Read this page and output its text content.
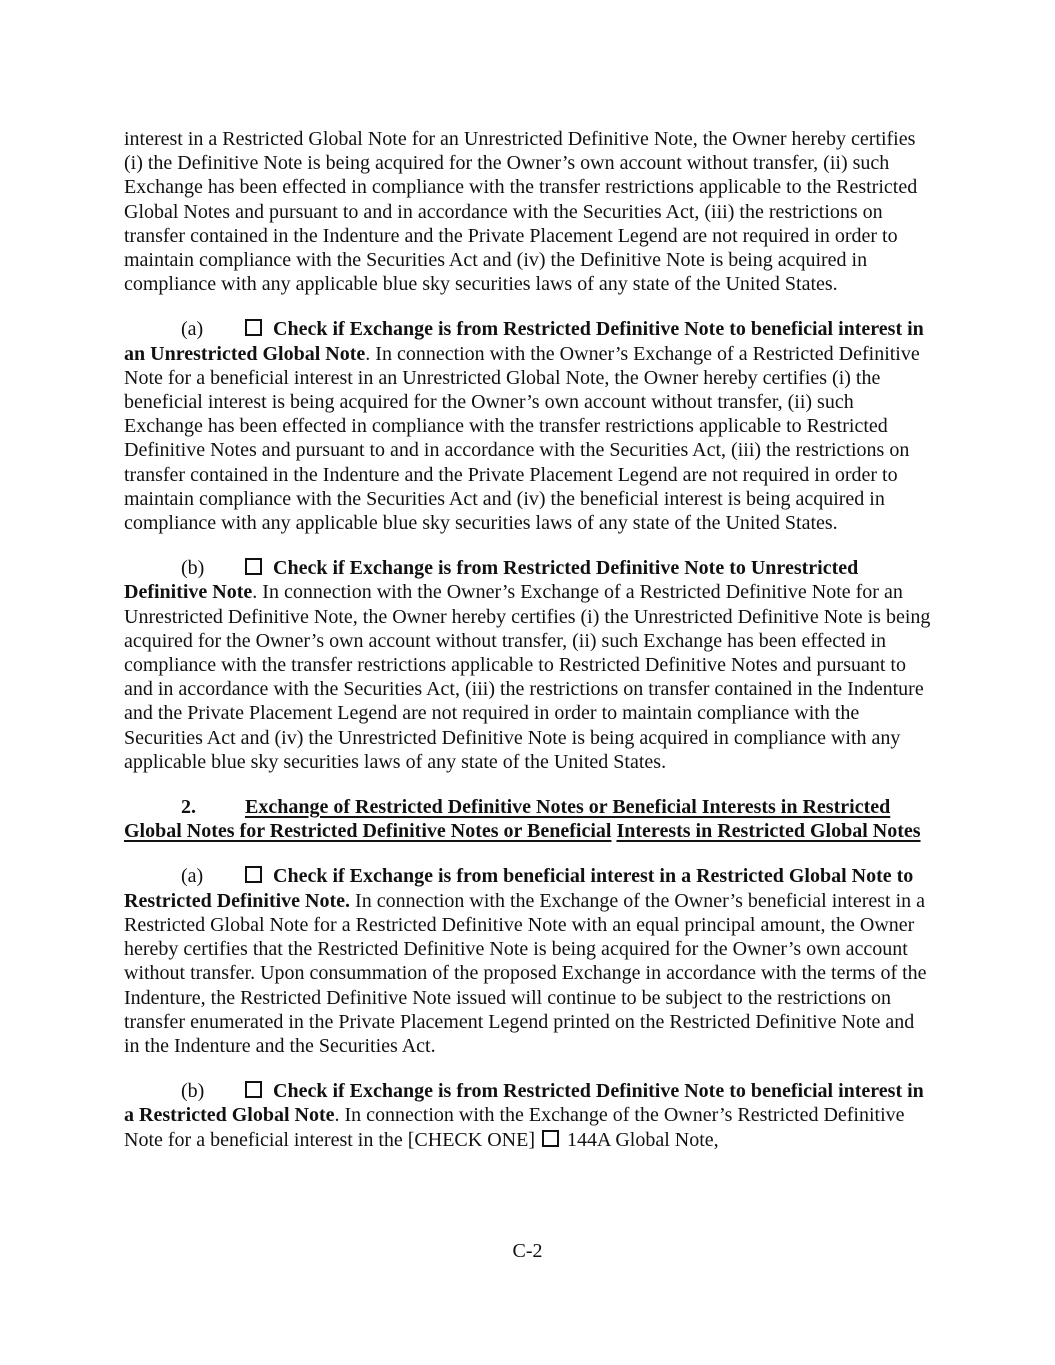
interest in a Restricted Global Note for an Unrestricted Definitive Note, the Owner hereby certifies (i) the Definitive Note is being acquired for the Owner’s own account without transfer, (ii) such Exchange has been effected in compliance with the transfer restrictions applicable to the Restricted Global Notes and pursuant to and in accordance with the Securities Act, (iii) the restrictions on transfer contained in the Indenture and the Private Placement Legend are not required in order to maintain compliance with the Securities Act and (iv) the Definitive Note is being acquired in compliance with any applicable blue sky securities laws of any state of the United States.

(a)	Check if Exchange is from Restricted Definitive Note to beneficial interest in an Unrestricted Global Note. In connection with the Owner’s Exchange of a Restricted Definitive Note for a beneficial interest in an Unrestricted Global Note, the Owner hereby certifies (i) the beneficial interest is being acquired for the Owner’s own account without transfer, (ii) such Exchange has been effected in compliance with the transfer restrictions applicable to Restricted Definitive Notes and pursuant to and in accordance with the Securities Act, (iii) the restrictions on transfer contained in the Indenture and the Private Placement Legend are not required in order to maintain compliance with the Securities Act and (iv) the beneficial interest is being acquired in compliance with any applicable blue sky securities laws of any state of the United States.

(b)	Check if Exchange is from Restricted Definitive Note to Unrestricted Definitive Note. In connection with the Owner’s Exchange of a Restricted Definitive Note for an Unrestricted Definitive Note, the Owner hereby certifies (i) the Unrestricted Definitive Note is being acquired for the Owner’s own account without transfer, (ii) such Exchange has been effected in compliance with the transfer restrictions applicable to Restricted Definitive Notes and pursuant to and in accordance with the Securities Act, (iii) the restrictions on transfer contained in the Indenture and the Private Placement Legend are not required in order to maintain compliance with the Securities Act and (iv) the Unrestricted Definitive Note is being acquired in compliance with any applicable blue sky securities laws of any state of the United States.

2. Exchange of Restricted Definitive Notes or Beneficial Interests in Restricted Global Notes for Restricted Definitive Notes or Beneficial Interests in Restricted Global Notes

(a)	Check if Exchange is from beneficial interest in a Restricted Global Note to Restricted Definitive Note. In connection with the Exchange of the Owner’s beneficial interest in a Restricted Global Note for a Restricted Definitive Note with an equal principal amount, the Owner hereby certifies that the Restricted Definitive Note is being acquired for the Owner’s own account without transfer. Upon consummation of the proposed Exchange in accordance with the terms of the Indenture, the Restricted Definitive Note issued will continue to be subject to the restrictions on transfer enumerated in the Private Placement Legend printed on the Restricted Definitive Note and in the Indenture and the Securities Act.

(b)	Check if Exchange is from Restricted Definitive Note to beneficial interest in a Restricted Global Note. In connection with the Exchange of the Owner’s Restricted Definitive Note for a beneficial interest in the [CHECK ONE] 144A Global Note,

C-2
